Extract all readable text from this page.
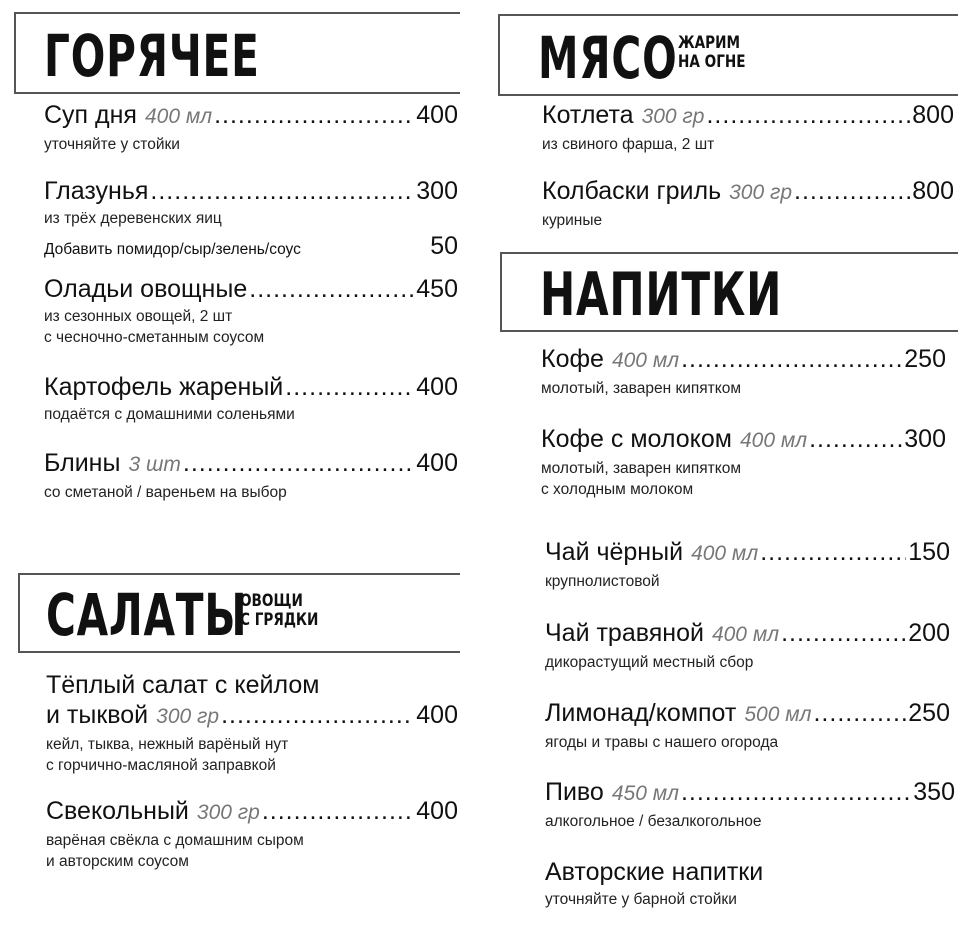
ГОРЯЧЕЕ
Суп дня 400 мл .....	400
уточняйте у стойки
Глазунья .....	300
из трёх деревенских яиц
Добавить помидор/сыр/зелень/соус	50
Оладьи овощные .....	450
из сезонных овощей, 2 шт
с чесночно-сметанным соусом
Картофель жареный .....	400
подаётся с домашними соленьями
Блины 3 шт .....	400
со сметаной / вареньем на выбор
САЛАТЫ
ОВОЩИ
С ГРЯДКИ
Тёплый салат с кейлом
и тыквой 300 гр .....	400
кейл, тыква, нежный варёный нут
с горчично-масляной заправкой
Свекольный 300 гр .....	400
варёная свёкла с домашним сыром
и авторским соусом
МЯСО ЖАРИМ
НА ОГНЕ
Котлета 300 гр .....	800
из свиного фарша, 2 шт
Колбаски гриль 300 гр .....	800
куриные
НАПИТКИ
Кофе 400 мл .....	250
молотый, заварен кипятком
Кофе с молоком 400 мл .....	300
молотый, заварен кипятком
с холодным молоком
Чай чёрный 400 мл .....	150
крупнолистовой
Чай травяной 400 мл .....	200
дикорастущий местный сбор
Лимонад/компот 500 мл .....	250
ягоды и травы с нашего огорода
Пиво 450 мл .....	350
алкогольное / безалкогольное
Авторские напитки
уточняйте у барной стойки
